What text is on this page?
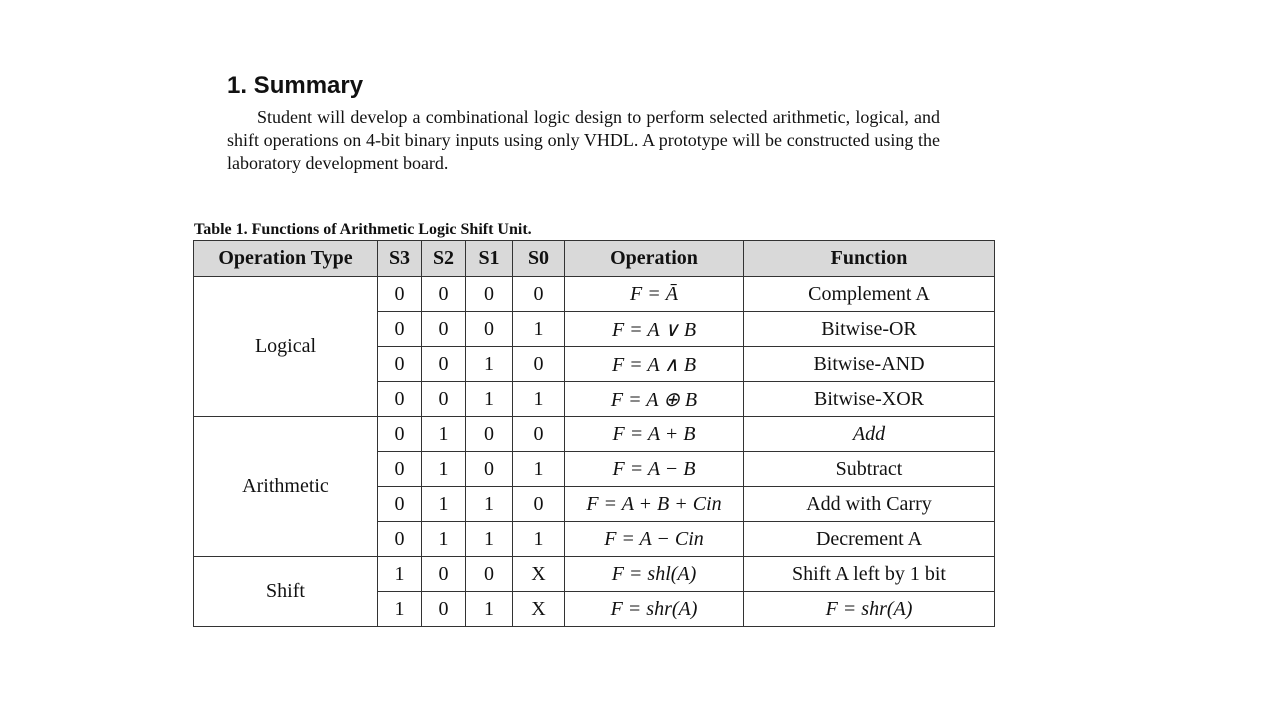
1. Summary

Student will develop a combinational logic design to perform selected arithmetic, logical, and shift operations on 4-bit binary inputs using only VHDL. A prototype will be constructed using the laboratory development board.

Table 1. Functions of Arithmetic Logic Shift Unit.

Operation Type	S3	S2	S1	S0	Operation	Function
Logical	0	0	0	0	F = Ā	Complement A
	0	0	0	1	F = A ∨ B	Bitwise-OR
	0	0	1	0	F = A ∧ B	Bitwise-AND
	0	0	1	1	F = A ⊕ B	Bitwise-XOR
Arithmetic	0	1	0	0	F = A + B	Add
	0	1	0	1	F = A − B	Subtract
	0	1	1	0	F = A + B + Cin	Add with Carry
	0	1	1	1	F = A − Cin	Decrement A
Shift	1	0	0	X	F = shl(A)	Shift A left by 1 bit
	1	0	1	X	F = shr(A)	F = shr(A)
